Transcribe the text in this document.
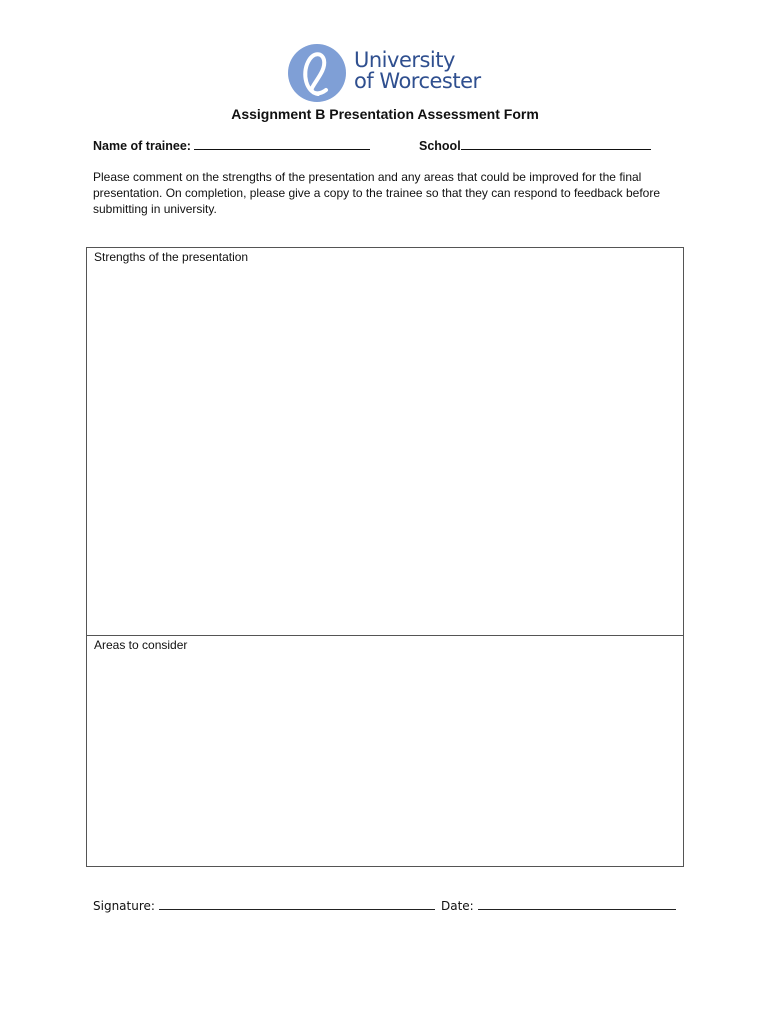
University
of Worcester
Assignment B Presentation Assessment Form
Name of trainee:	School
Please comment on the strengths of the presentation and any areas that could be improved for the final presentation. On completion, please give a copy to the trainee so that they can respond to feedback before submitting in university.
Strengths of the presentation
Areas to consider
Signature:	Date:
